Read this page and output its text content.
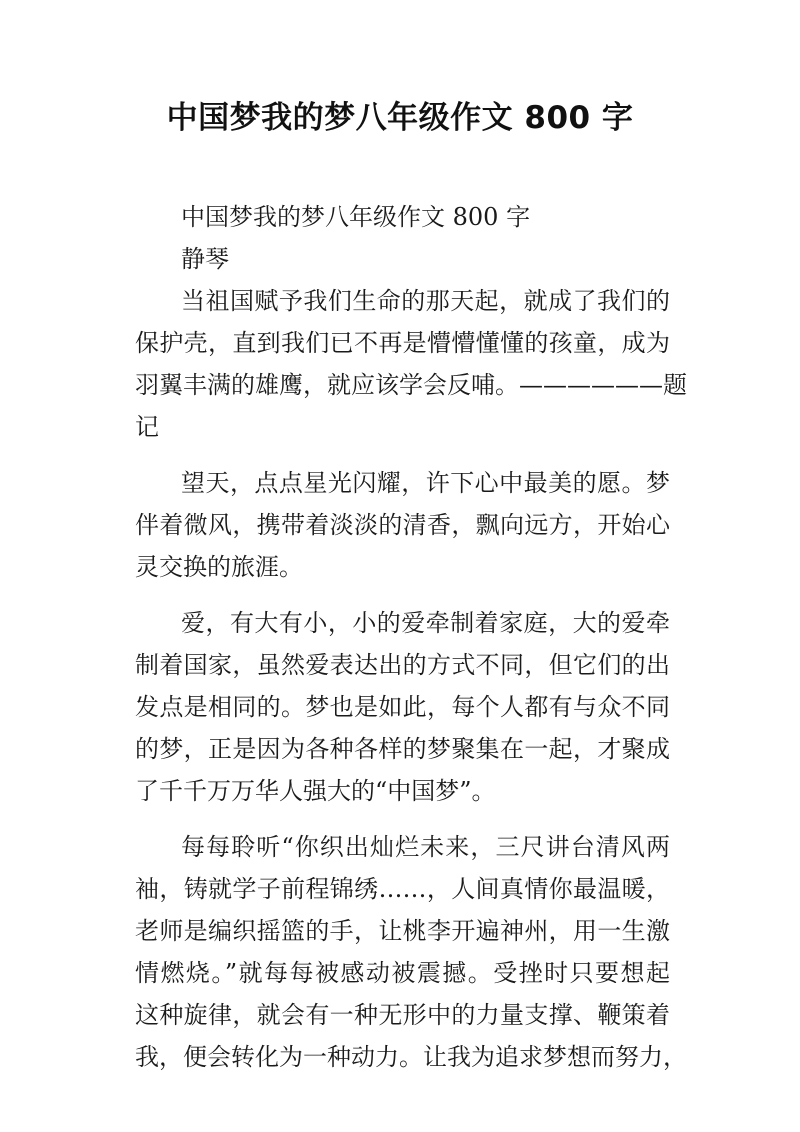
中国梦我的梦八年级作文 800 字
中国梦我的梦八年级作文 800 字
静琴
当祖国赋予我们生命的那天起，就成了我们的
保护壳，直到我们已不再是懵懵懂懂的孩童，成为
羽翼丰满的雄鹰，就应该学会反哺。——————题
记
望天，点点星光闪耀，许下心中最美的愿。梦
伴着微风，携带着淡淡的清香，飘向远方，开始心
灵交换的旅涯。
爱，有大有小，小的爱牵制着家庭，大的爱牵
制着国家，虽然爱表达出的方式不同，但它们的出
发点是相同的。梦也是如此，每个人都有与众不同
的梦，正是因为各种各样的梦聚集在一起，才聚成
了千千万万华人强大的“中国梦”。
每每聆听“你织出灿烂未来，三尺讲台清风两
袖，铸就学子前程锦绣……，人间真情你最温暖，
老师是编织摇篮的手，让桃李开遍神州，用一生激
情燃烧。”就每每被感动被震撼。受挫时只要想起
这种旋律，就会有一种无形中的力量支撑、鞭策着
我，便会转化为一种动力。让我为追求梦想而努力，
